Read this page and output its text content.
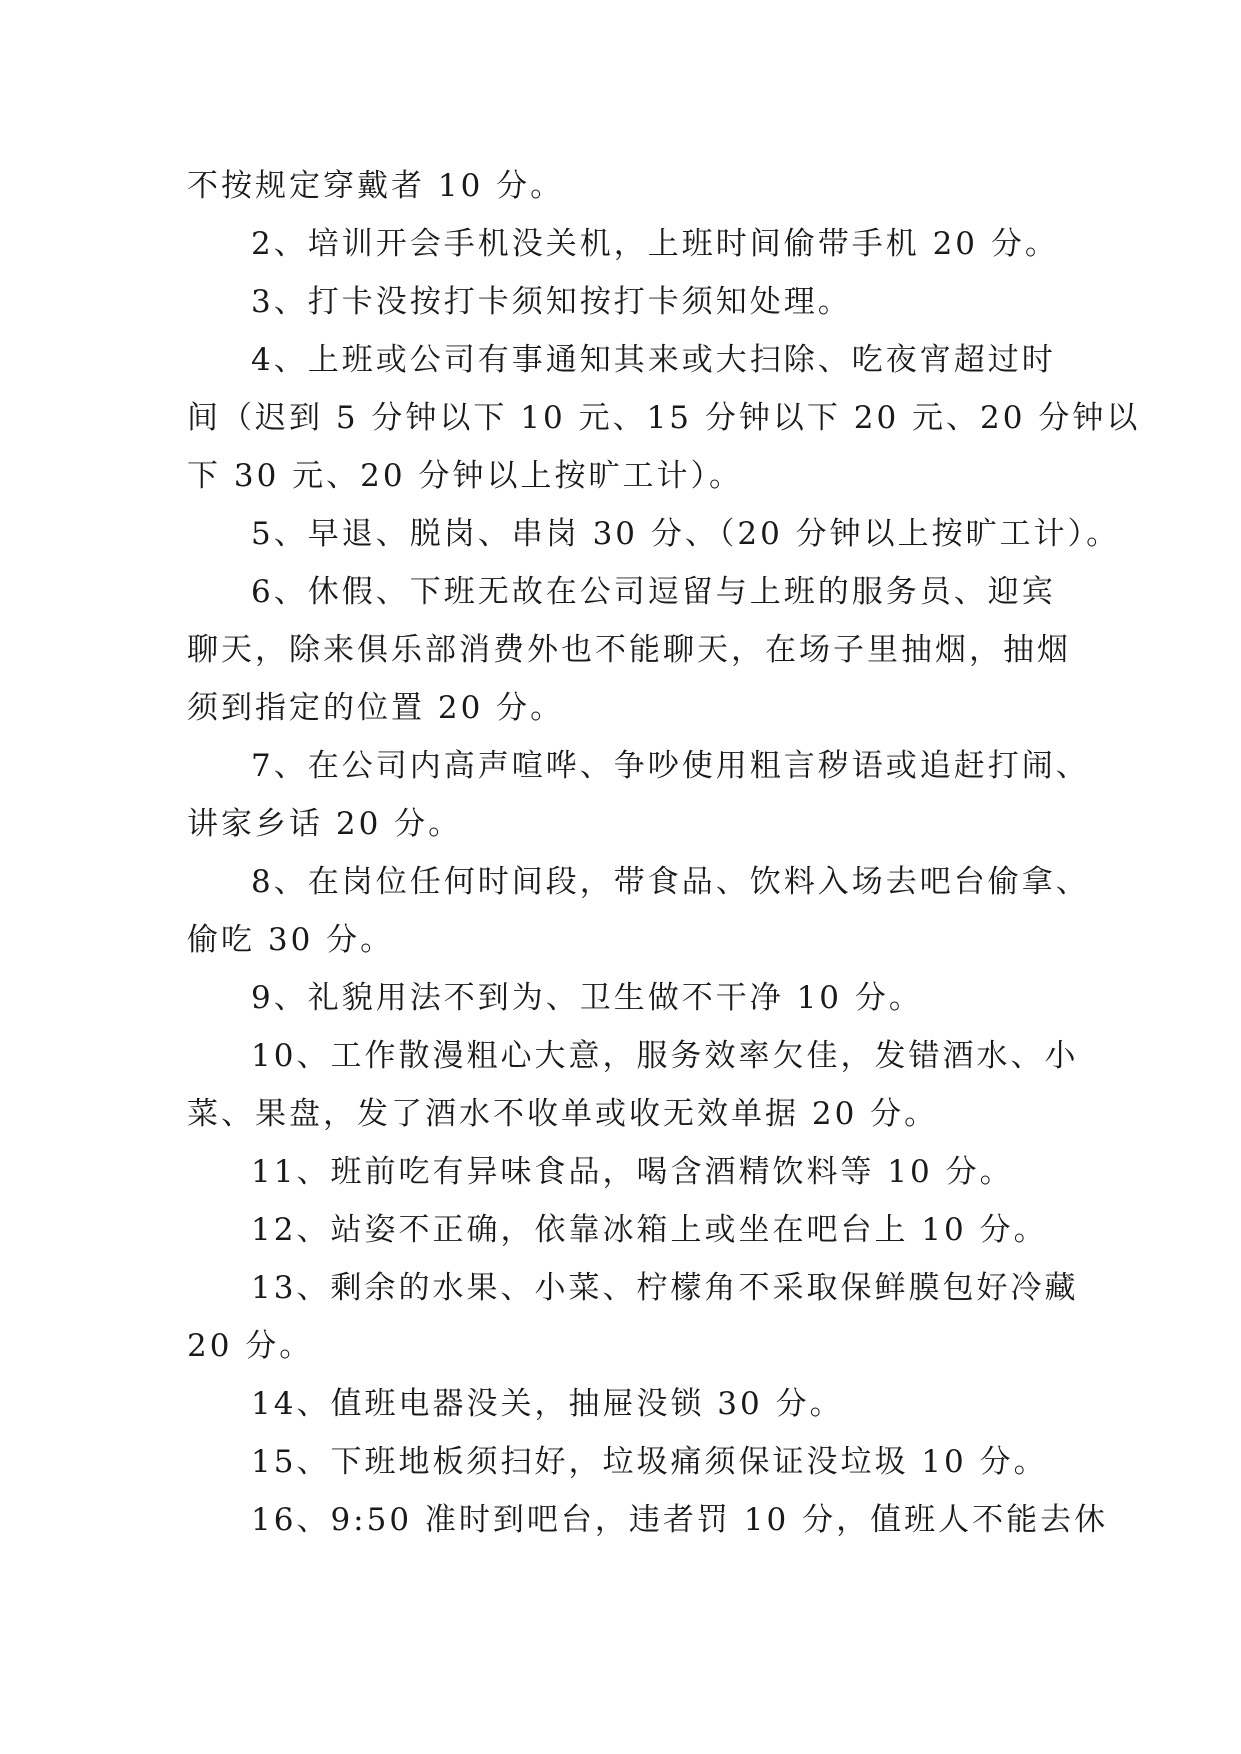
不按规定穿戴者 10 分。
2、培训开会手机没关机，上班时间偷带手机 20 分。
3、打卡没按打卡须知按打卡须知处理。
4、上班或公司有事通知其来或大扫除、吃夜宵超过时
间（迟到 5 分钟以下 10 元、15 分钟以下 20 元、20 分钟以
下 30 元、20 分钟以上按旷工计）。
5、早退、脱岗、串岗 30 分、（20 分钟以上按旷工计）。
6、休假、下班无故在公司逗留与上班的服务员、迎宾
聊天，除来俱乐部消费外也不能聊天，在场子里抽烟，抽烟
须到指定的位置 20 分。
7、在公司内高声喧哗、争吵使用粗言秽语或追赶打闹、
讲家乡话 20 分。
8、在岗位任何时间段，带食品、饮料入场去吧台偷拿、
偷吃 30 分。
9、礼貌用法不到为、卫生做不干净 10 分。
10、工作散漫粗心大意，服务效率欠佳，发错酒水、小
菜、果盘，发了酒水不收单或收无效单据 20 分。
11、班前吃有异味食品，喝含酒精饮料等 10 分。
12、站姿不正确，依靠冰箱上或坐在吧台上 10 分。
13、剩余的水果、小菜、柠檬角不采取保鲜膜包好冷藏
20 分。
14、值班电器没关，抽屉没锁 30 分。
15、下班地板须扫好，垃圾痛须保证没垃圾 10 分。
16、9:50 准时到吧台，违者罚 10 分，值班人不能去休
